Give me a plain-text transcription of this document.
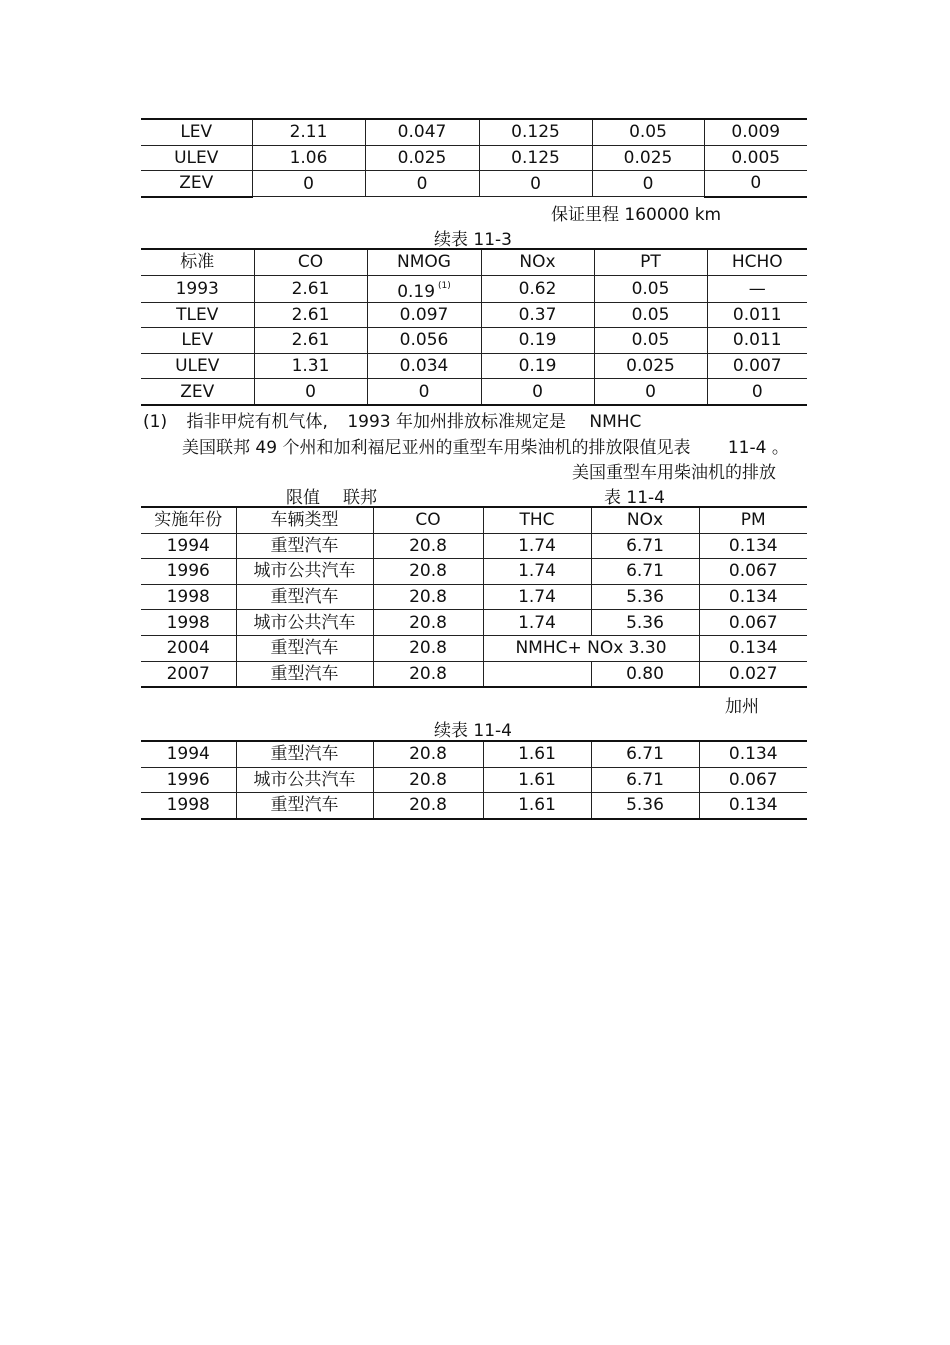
LEV	2.11	0.047	0.125	0.05	0.009
ULEV	1.06	0.025	0.125	0.025	0.005
ZEV	0	0	0	0	0
保证里程 160000 km
续表 11-3
标准	CO	NMOG	NOx	PT	HCHO
1993	2.61	0.19 $^{(1)}$	0.62	0.05	—
TLEV	2.61	0.097	0.37	0.05	0.011
LEV	2.61	0.056	0.19	0.05	0.011
ULEV	1.31	0.034	0.19	0.025	0.007
ZEV	0	0	0	0	0
(1) 指非甲烷有机气体, 1993 年加州排放标准规定是 NMHC
美国联邦 49 个州和加利福尼亚州的重型车用柴油机的排放限值见表 11-4 。
美国重型车用柴油机的排放
限值 联邦	表 11-4
实施年份	车辆类型	CO	THC	NOx	PM
1994	重型汽车	20.8	1.74	6.71	0.134
1996	城市公共汽车	20.8	1.74	6.71	0.067
1998	重型汽车	20.8	1.74	5.36	0.134
1998	城市公共汽车	20.8	1.74	5.36	0.067
2004	重型汽车	20.8	NMHC+ NOx 3.30		0.134
2007	重型汽车	20.8		0.80	0.027
加州
续表 11-4
1994	重型汽车	20.8	1.61	6.71	0.134
1996	城市公共汽车	20.8	1.61	6.71	0.067
1998	重型汽车	20.8	1.61	5.36	0.134
